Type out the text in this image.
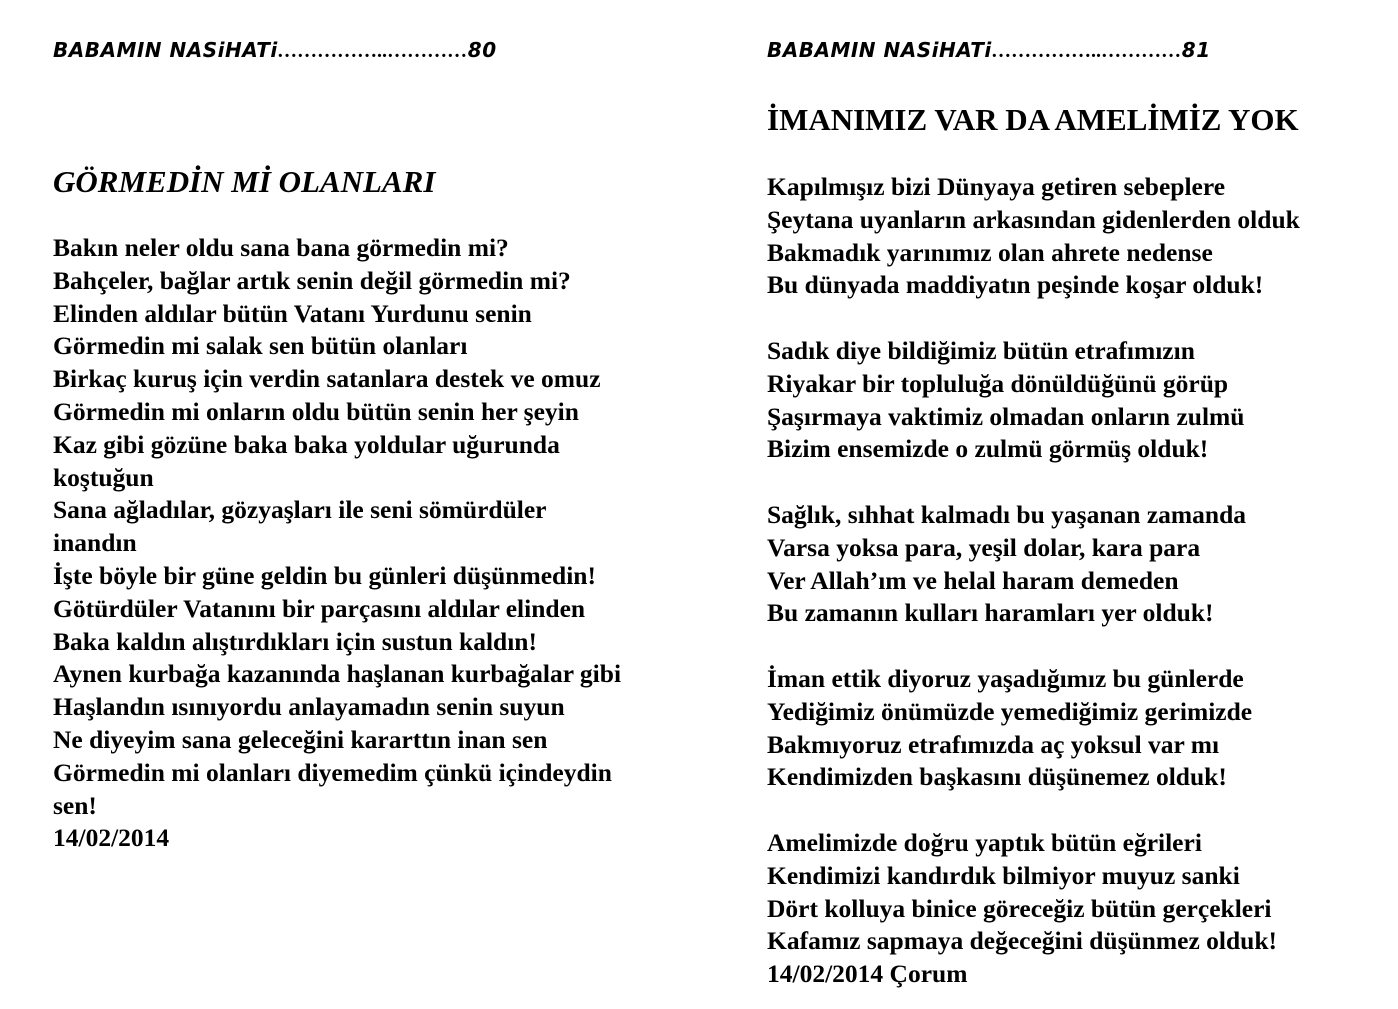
BABAMIN NASiHATi……………..…………80
GÖRMEDİN Mİ OLANLARI
Bakın neler oldu sana bana görmedin mi?
Bahçeler, bağlar artık senin değil görmedin mi?
Elinden aldılar bütün Vatanı Yurdunu senin
Görmedin mi salak sen bütün olanları
Birkaç kuruş için verdin satanlara destek ve omuz
Görmedin mi onların oldu bütün senin her şeyin
Kaz gibi gözüne baka baka yoldular uğurunda
koştuğun
Sana ağladılar, gözyaşları ile seni sömürdüler
inandın
İşte böyle bir güne geldin bu günleri düşünmedin!
Götürdüler Vatanını bir parçasını aldılar elinden
Baka kaldın alıştırdıkları için sustun kaldın!
Aynen kurbağa kazanında haşlanan kurbağalar gibi
Haşlandın ısınıyordu anlayamadın senin suyun
Ne diyeyim sana geleceğini kararttın inan sen
Görmedin mi olanları diyemedim çünkü içindeydin
sen!
14/02/2014
BABAMIN NASiHATi……………..…………81
İMANIMIZ VAR DA AMELİMİZ YOK
Kapılmışız bizi Dünyaya getiren sebeplere
Şeytana uyanların arkasından gidenlerden olduk
Bakmadık yarınımız olan ahrete nedense
Bu dünyada maddiyatın peşinde koşar olduk!
Sadık diye bildiğimiz bütün etrafımızın
Riyakar bir topluluğa dönüldüğünü görüp
Şaşırmaya vaktimiz olmadan onların zulmü
Bizim ensemizde o zulmü görmüş olduk!
Sağlık, sıhhat kalmadı bu yaşanan zamanda
Varsa yoksa para, yeşil dolar, kara para
Ver Allah’ım ve helal haram demeden
Bu zamanın kulları haramları yer olduk!
İman ettik diyoruz yaşadığımız bu günlerde
Yediğimiz önümüzde yemediğimiz gerimizde
Bakmıyoruz etrafımızda aç yoksul var mı
Kendimizden başkasını düşünemez olduk!
Amelimizde doğru yaptık bütün eğrileri
Kendimizi kandırdık bilmiyor muyuz sanki
Dört kolluya binice göreceğiz bütün gerçekleri
Kafamız sapmaya değeceğini düşünmez olduk!
14/02/2014 Çorum
